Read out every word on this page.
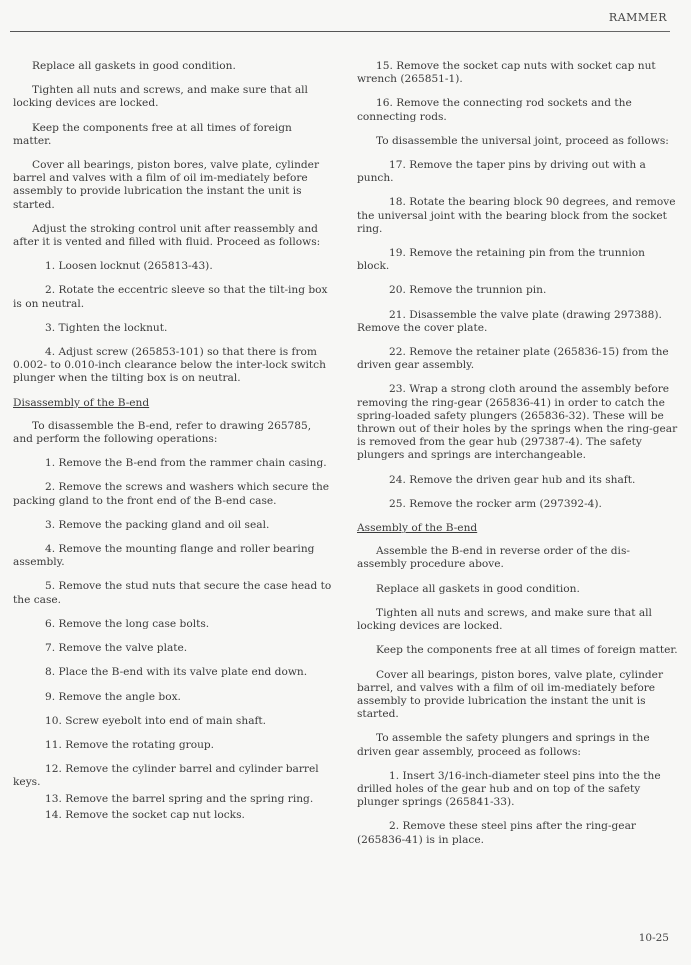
RAMMER

Replace all gaskets in good condition.

Tighten all nuts and screws, and make sure that all locking devices are locked.

Keep the components free at all times of foreign matter.

Cover all bearings, piston bores, valve plate, cylinder barrel and valves with a film of oil im-mediately before assembly to provide lubrication the instant the unit is started.

Adjust the stroking control unit after reassembly and after it is vented and filled with fluid. Proceed as follows:

1. Loosen locknut (265813-43).

2. Rotate the eccentric sleeve so that the tilt-ing box is on neutral.

3. Tighten the locknut.

4. Adjust screw (265853-101) so that there is from 0.002- to 0.010-inch clearance below the inter-lock switch plunger when the tilting box is on neutral.

Disassembly of the B-end

To disassemble the B-end, refer to drawing 265785, and perform the following operations:

1. Remove the B-end from the rammer chain casing.

2. Remove the screws and washers which secure the packing gland to the front end of the B-end case.

3. Remove the packing gland and oil seal.

4. Remove the mounting flange and roller bearing assembly.

5. Remove the stud nuts that secure the case head to the case.

6. Remove the long case bolts.

7. Remove the valve plate.

8. Place the B-end with its valve plate end down.

9. Remove the angle box.

10. Screw eyebolt into end of main shaft.

11. Remove the rotating group.

12. Remove the cylinder barrel and cylinder barrel keys.

13. Remove the barrel spring and the spring ring.

14. Remove the socket cap nut locks.

15. Remove the socket cap nuts with socket cap nut wrench (265851-1).

16. Remove the connecting rod sockets and the connecting rods.

To disassemble the universal joint, proceed as follows:

17. Remove the taper pins by driving out with a punch.

18. Rotate the bearing block 90 degrees, and remove the universal joint with the bearing block from the socket ring.

19. Remove the retaining pin from the trunnion block.

20. Remove the trunnion pin.

21. Disassemble the valve plate (drawing 297388). Remove the cover plate.

22. Remove the retainer plate (265836-15) from the driven gear assembly.

23. Wrap a strong cloth around the assembly before removing the ring-gear (265836-41) in order to catch the spring-loaded safety plungers (265836-32). These will be thrown out of their holes by the springs when the ring-gear is removed from the gear hub (297387-4). The safety plungers and springs are interchangeable.

24. Remove the driven gear hub and its shaft.

25. Remove the rocker arm (297392-4).

Assembly of the B-end

Assemble the B-end in reverse order of the dis-assembly procedure above.

Replace all gaskets in good condition.

Tighten all nuts and screws, and make sure that all locking devices are locked.

Keep the components free at all times of foreign matter.

Cover all bearings, piston bores, valve plate, cylinder barrel, and valves with a film of oil im-mediately before assembly to provide lubrication the instant the unit is started.

To assemble the safety plungers and springs in the driven gear assembly, proceed as follows:

1. Insert 3/16-inch-diameter steel pins into the the drilled holes of the gear hub and on top of the safety plunger springs (265841-33).

2. Remove these steel pins after the ring-gear (265836-41) is in place.

10-25
